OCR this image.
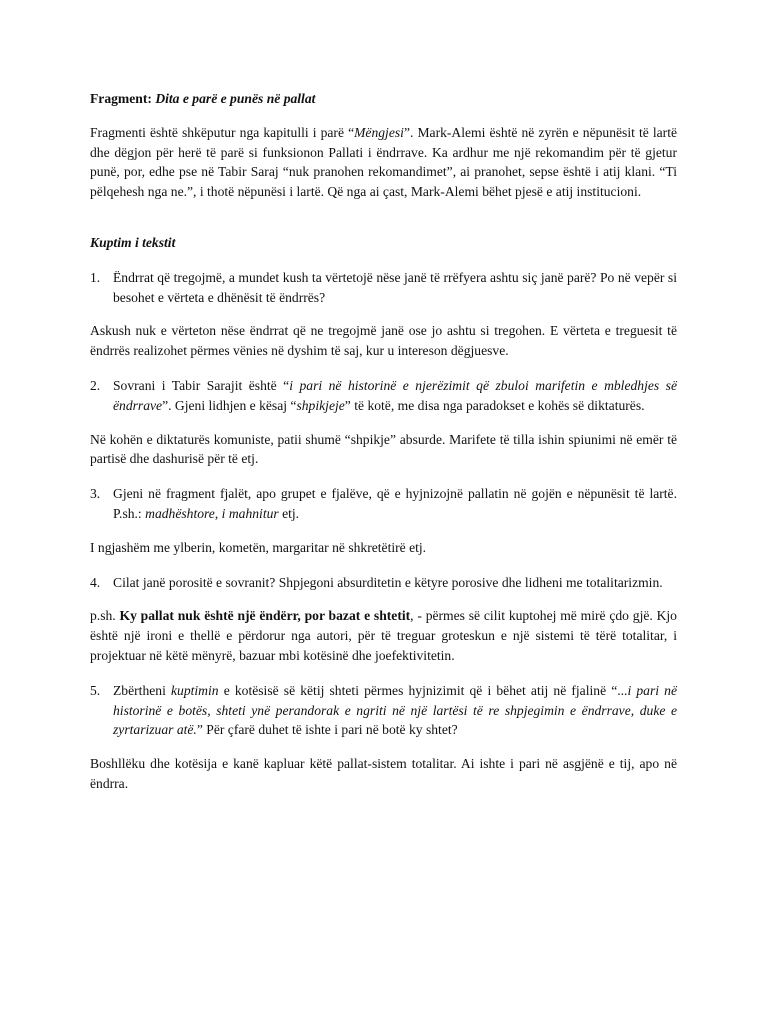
Fragment: Dita e parë e punës në pallat

Fragmenti është shkëputur nga kapitulli i parë “Mëngjesi”. Mark-Alemi është në zyrën e nëpunësit të lartë dhe dëgjon për herë të parë si funksionon Pallati i ëndrrave. Ka ardhur me një rekomandim për të gjetur punë, por, edhe pse në Tabir Saraj “nuk pranohen rekomandimet”, ai pranohet, sepse është i atij klani. “Ti pëlqehesh nga ne.”, i thotë nëpunësi i lartë. Që nga ai çast, Mark-Alemi bëhet pjesë e atij institucioni.

Kuptim i tekstit

1. Ëndrrat që tregojmë, a mundet kush ta vërtetojë nëse janë të rrëfyera ashtu siç janë parë? Po në vepër si besohet e vërteta e dhënësit të ëndrrës?

Askush nuk e vërteton nëse ëndrrat që ne tregojmë janë ose jo ashtu si tregohen. E vërteta e treguesit të ëndrrës realizohet përmes vënies në dyshim të saj, kur u intereson dëgjuesve.

2. Sovrani i Tabir Sarajit është “i pari në historinë e njerëzimit që zbuloi marifetin e mbledhjes së ëndrrave”. Gjeni lidhjen e kësaj “shpikjeje” të kotë, me disa nga paradokset e kohës së diktaturës.

Në kohën e diktaturës komuniste, patii shumë “shpikje” absurde. Marifete të tilla ishin spiunimi në emër të partisë dhe dashurisë për të etj.

3. Gjeni në fragment fjalët, apo grupet e fjalëve, që e hyjnizojnë pallatin në gojën e nëpunësit të lartë. P.sh.: madhështore, i mahnitur etj.

I ngjashëm me ylberin, kometën, margaritar në shkretëtirë etj.

4. Cilat janë porositë e sovranit? Shpjegoni absurditetin e këtyre porosive dhe lidheni me totalitarizmin.

p.sh. Ky pallat nuk është një ëndërr, por bazat e shtetit, - përmes së cilit kuptohej më mirë çdo gjë. Kjo është një ironi e thellë e përdorur nga autori, për të treguar groteskun e një sistemi të tërë totalitar, i projektuar në këtë mënyrë, bazuar mbi kotësinë dhe joefektivitetin.

5. Zbërtheni kuptimin e kotësisë së këtij shteti përmes hyjnizimit që i bëhet atij në fjalinë “...i pari në historinë e botës, shteti ynë perandorak e ngriti në një lartësi të re shpjegimin e ëndrrave, duke e zyrtarizuar atë.” Për çfarë duhet të ishte i pari në botë ky shtet?

Boshllëku dhe kotësija e kanë kapluar këtë pallat-sistem totalitar. Ai ishte i pari në asgjënë e tij, apo në ëndrra.
